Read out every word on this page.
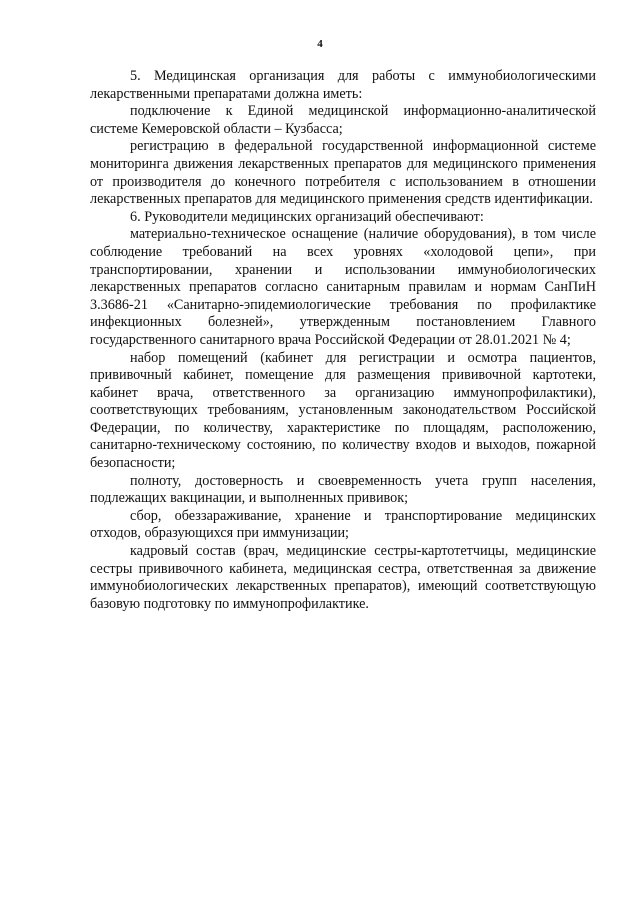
4

5. Медицинская организация для работы с иммунобиологическими лекарственными препаратами должна иметь:

подключение к Единой медицинской информационно-аналитической системе Кемеровской области – Кузбасса;

регистрацию в федеральной государственной информационной системе мониторинга движения лекарственных препаратов для медицинского применения от производителя до конечного потребителя с использованием в отношении лекарственных препаратов для медицинского применения средств идентификации.

6. Руководители медицинских организаций обеспечивают:

материально-техническое оснащение (наличие оборудования), в том числе соблюдение требований на всех уровнях «холодовой цепи», при транспортировании, хранении и использовании иммунобиологических лекарственных препаратов согласно санитарным правилам и нормам СанПиН 3.3686-21 «Санитарно-эпидемиологические требования по профилактике инфекционных болезней», утвержденным постановлением Главного государственного санитарного врача Российской Федерации от 28.01.2021 № 4;

набор помещений (кабинет для регистрации и осмотра пациентов, прививочный кабинет, помещение для размещения прививочной картотеки, кабинет врача, ответственного за организацию иммунопрофилактики), соответствующих требованиям, установленным законодательством Российской Федерации, по количеству, характеристике по площадям, расположению, санитарно-техническому состоянию, по количеству входов и выходов, пожарной безопасности;

полноту, достоверность и своевременность учета групп населения, подлежащих вакцинации, и выполненных прививок;

сбор, обеззараживание, хранение и транспортирование медицинских отходов, образующихся при иммунизации;

кадровый состав (врач, медицинские сестры-картотетчицы, медицинские сестры прививочного кабинета, медицинская сестра, ответственная за движение иммунобиологических лекарственных препаратов), имеющий соответствующую базовую подготовку по иммунопрофилактике.
